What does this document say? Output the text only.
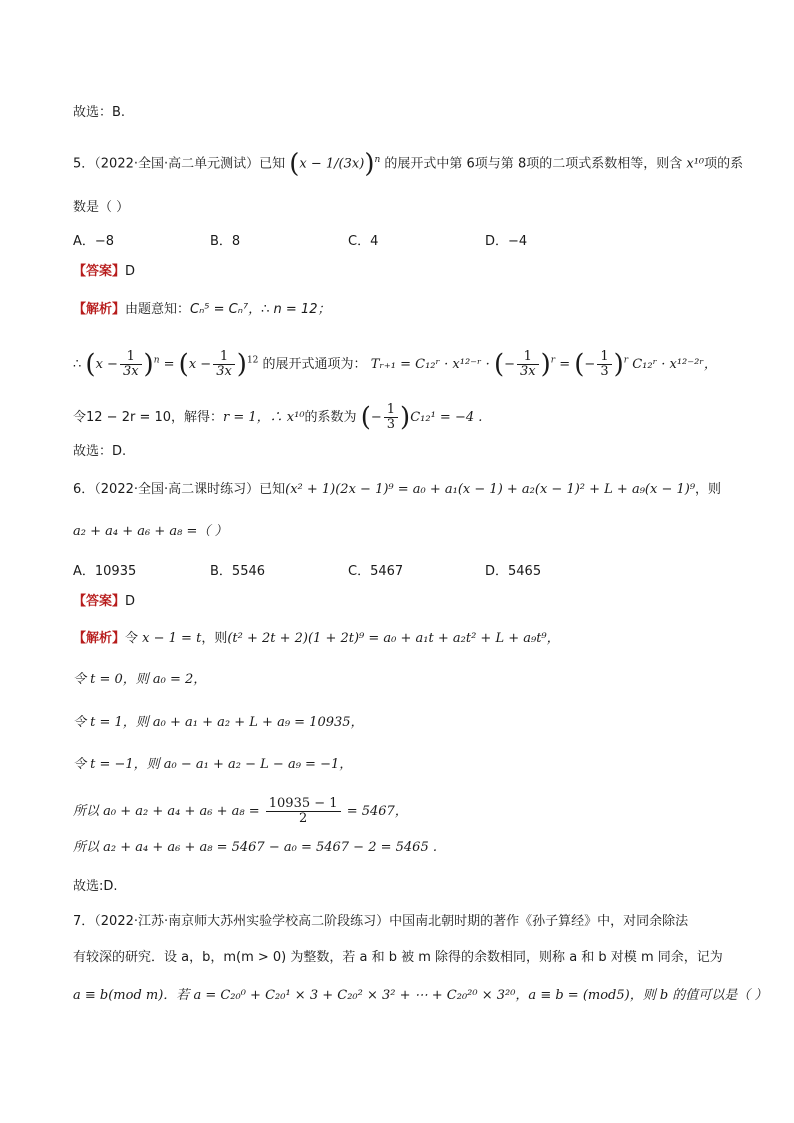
故选：B.
5．（2022·全国·高二单元测试）已知 $(x - 1/(3x))^n$ 的展开式中第 6项与第 8项的二项式系数相等，则含 x¹⁰项的系
数是（ ）
A．−8	B．8	C．4	D．−4
【答案】D
【解析】由题意知：Cₙ⁵ = Cₙ⁷，∴ n = 12；
∴ $(x - \frac{1}{3x} )^n = (x - \frac{1}{3x} )^{12}$ 的展开式通项为： Tᵣ₊₁ = C₁₂ʳ · x¹²⁻ʳ · (− $\frac{1}{3x} )^r$ = (− $\frac{1}{3} )^r$ C₁₂ʳ · x¹²⁻²ʳ，
令12 − 2r = 10，解得：r = 1，∴ x¹⁰的系数为 (− $\frac{1}{3} )C_{12}^1 = -4$ .
故选：D.
6．（2022·全国·高二课时练习）已知(x² + 1)(2x − 1)⁹ = a₀ + a₁(x − 1) + a₂(x − 1)² + L + a₉(x − 1)⁹，则
a₂ + a₄ + a₆ + a₈ =（ ）
A．10935	B．5546	C．5467	D．5465
【答案】D
【解析】令 x − 1 = t，则(t² + 2t + 2)(1 + 2t)⁹ = a₀ + a₁t + a₂t² + L + a₉t⁹，
令 t = 0，则 a₀ = 2，
令 t = 1，则 a₀ + a₁ + a₂ + L + a₉ = 10935，
令 t = −1，则 a₀ − a₁ + a₂ − L − a₉ = −1，
所以 $a_0 + a_2 + a_4 + a_6 + a_8 = \frac{10935 - 1}{2} = 5467$，
所以 a₂ + a₄ + a₆ + a₈ = 5467 − a₀ = 5467 − 2 = 5465 .
故选:D.
7．（2022·江苏·南京师大苏州实验学校高二阶段练习）中国南北朝时期的著作《孙子算经》中，对同余除法
有较深的研究．设 a，b，m(m > 0) 为整数，若 a 和 b 被 m 除得的余数相同，则称 a 和 b 对模 m 同余，记为
a ≡ b(mod m)．若 a = C₂₀⁰ + C₂₀¹ × 3 + C₂₀² × 3² + ⋯ + C₂₀²⁰ × 3²⁰，a ≡ b = (mod5)，则 b 的值可以是（ ）
